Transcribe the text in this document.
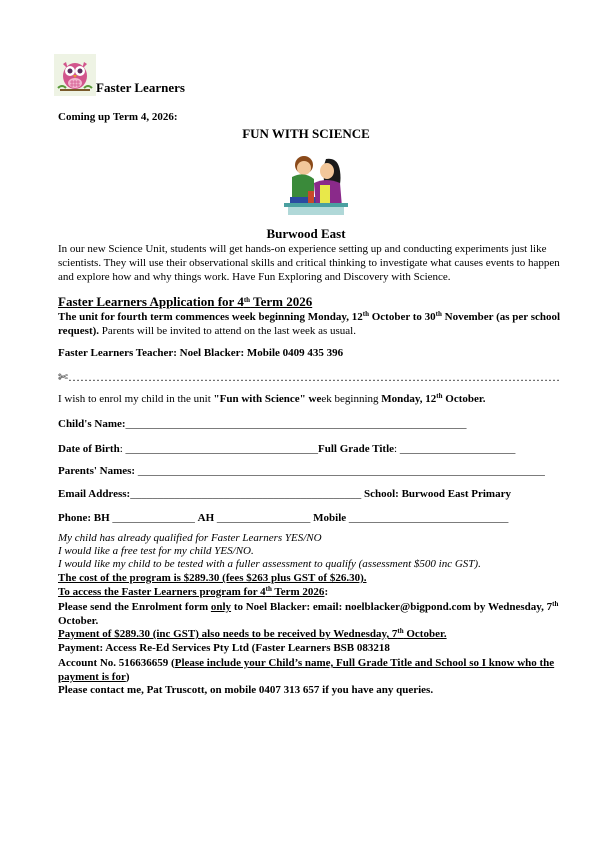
Faster Learners
Coming up Term 4, 2026:
FUN WITH SCIENCE
Burwood East
In our new Science Unit, students will get hands-on experience setting up and conducting experiments just like scientists. They will use their observational skills and critical thinking to investigate what causes events to happen and explore how and why things work. Have Fun Exploring and Discovery with Science.
Faster Learners Application for 4th Term 2026
The unit for fourth term commences week beginning Monday, 12th October to 30th November (as per school request). Parents will be invited to attend on the last week as usual.
Faster Learners Teacher: Noel Blacker: Mobile 0409 435 396
✄……………………………………………………………………………………………………………
I wish to enrol my child in the unit "Fun with Science" week beginning Monday, 12th October.
Child's Name:______________________________________________________________
Date of Birth: ___________________________________Full Grade Title: _____________________
Parents' Names: __________________________________________________________________________
Email Address:__________________________________________ School: Burwood East Primary
Phone: BH _______________ AH _________________ Mobile _____________________________
My child has already qualified for Faster Learners YES/NO
I would like a free test for my child YES/NO.
I would like my child to be tested with a fuller assessment to qualify (assessment $500 inc GST).
The cost of the program is $289.30 (fees $263 plus GST of $26.30).
To access the Faster Learners program for 4th Term 2026:
Please send the Enrolment form only to Noel Blacker: email: noelblacker@bigpond.com by Wednesday, 7th October.
Payment of $289.30 (inc GST) also needs to be received by Wednesday, 7th October.
Payment: Access Re-Ed Services Pty Ltd (Faster Learners BSB 083218
Account No. 516636659 (Please include your Child’s name, Full Grade Title and School so I know who the payment is for)
Please contact me, Pat Truscott, on mobile 0407 313 657 if you have any queries.
